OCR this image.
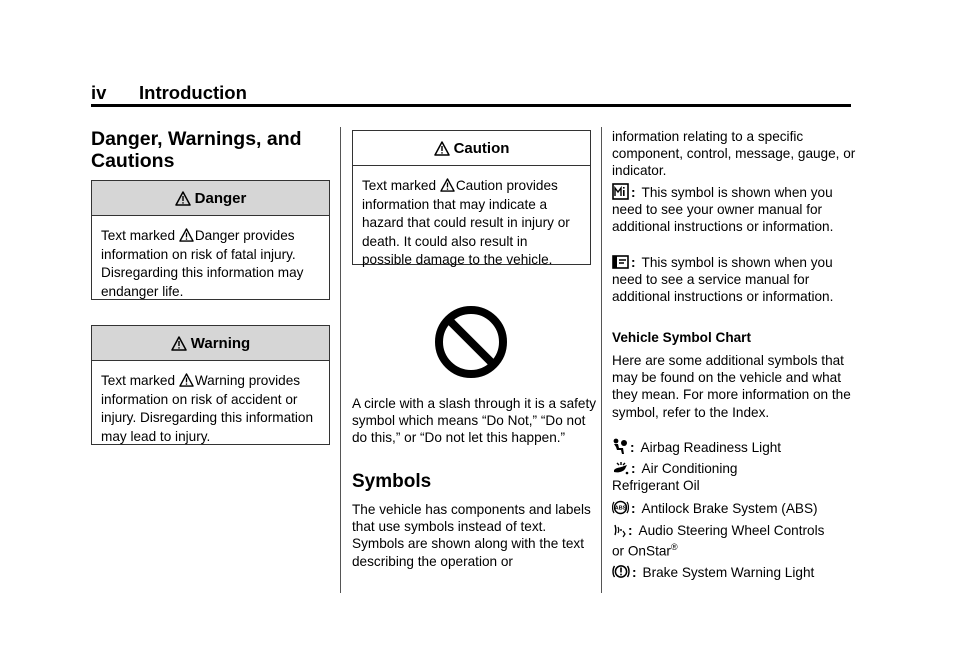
iv Introduction
Danger, Warnings, and
Cautions
Danger

Text marked Danger provides information on risk of fatal injury. Disregarding this information may endanger life.

Warning

Text marked Warning provides information on risk of accident or injury. Disregarding this information may lead to injury.

Caution

Text marked Caution provides information that may indicate a hazard that could result in injury or death. It could also result in possible damage to the vehicle.

A circle with a slash through it is a safety symbol which means “Do Not,” “Do not do this,” or “Do not let this happen.”

Symbols

The vehicle has components and labels that use symbols instead of text. Symbols are shown along with the text describing the operation or

information relating to a specific component, control, message, gauge, or indicator.

: This symbol is shown when you need to see your owner manual for additional instructions or information.

: This symbol is shown when you need to see a service manual for additional instructions or information.

Vehicle Symbol Chart

Here are some additional symbols that may be found on the vehicle and what they mean. For more information on the symbol, refer to the Index.

: Airbag Readiness Light
: Air Conditioning
Refrigerant Oil
ABS : Antilock Brake System (ABS)
: Audio Steering Wheel Controls
or OnStar®
: Brake System Warning Light
